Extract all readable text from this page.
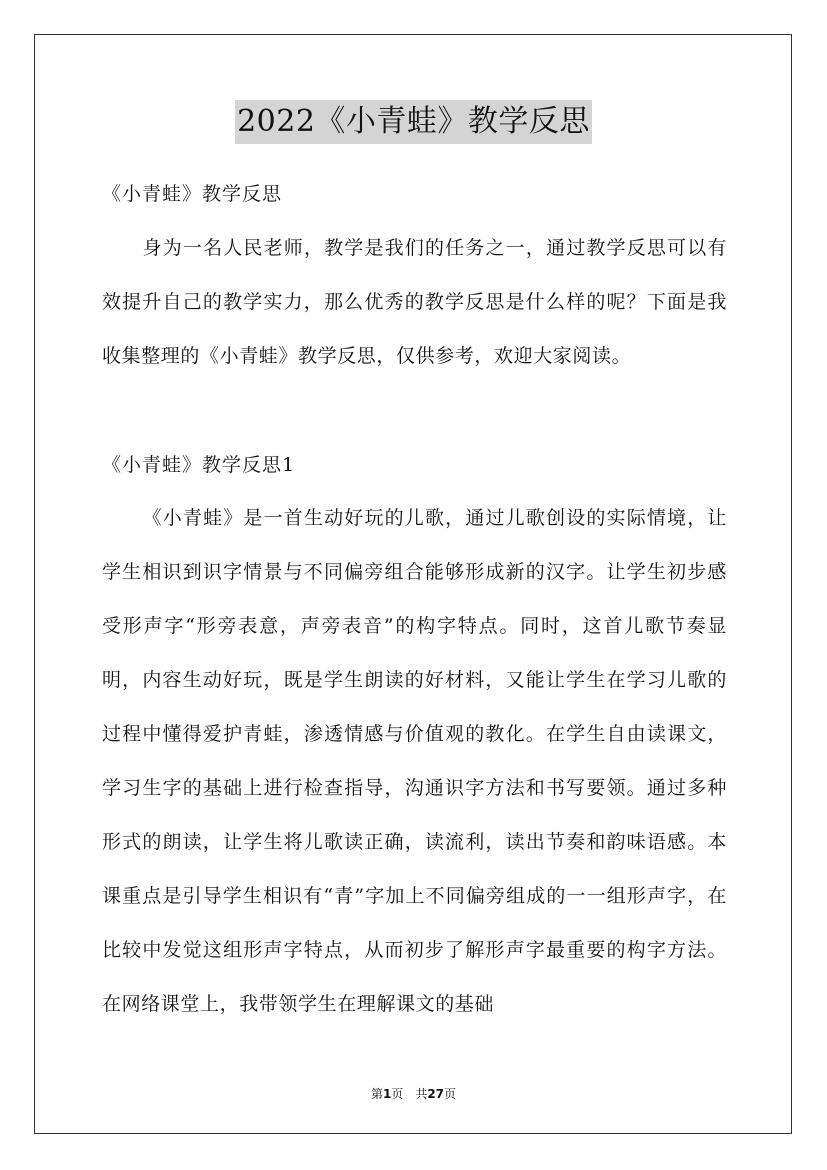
2022《小青蛙》教学反思
《小青蛙》教学反思
身为一名人民老师，教学是我们的任务之一，通过教学反思可以有效提升自己的教学实力，那么优秀的教学反思是什么样的呢？下面是我收集整理的《小青蛙》教学反思，仅供参考，欢迎大家阅读。
《小青蛙》教学反思1
《小青蛙》是一首生动好玩的儿歌，通过儿歌创设的实际情境，让学生相识到识字情景与不同偏旁组合能够形成新的汉字。让学生初步感受形声字“形旁表意，声旁表音”的构字特点。同时，这首儿歌节奏显明，内容生动好玩，既是学生朗读的好材料，又能让学生在学习儿歌的过程中懂得爱护青蛙，渗透情感与价值观的教化。在学生自由读课文，学习生字的基础上进行检查指导，沟通识字方法和书写要领。通过多种形式的朗读，让学生将儿歌读正确，读流利，读出节奏和韵味语感。本课重点是引导学生相识有“青”字加上不同偏旁组成的一一组形声字，在比较中发觉这组形声字特点，从而初步了解形声字最重要的构字方法。在网络课堂上，我带领学生在理解课文的基础
第1页　共27页
